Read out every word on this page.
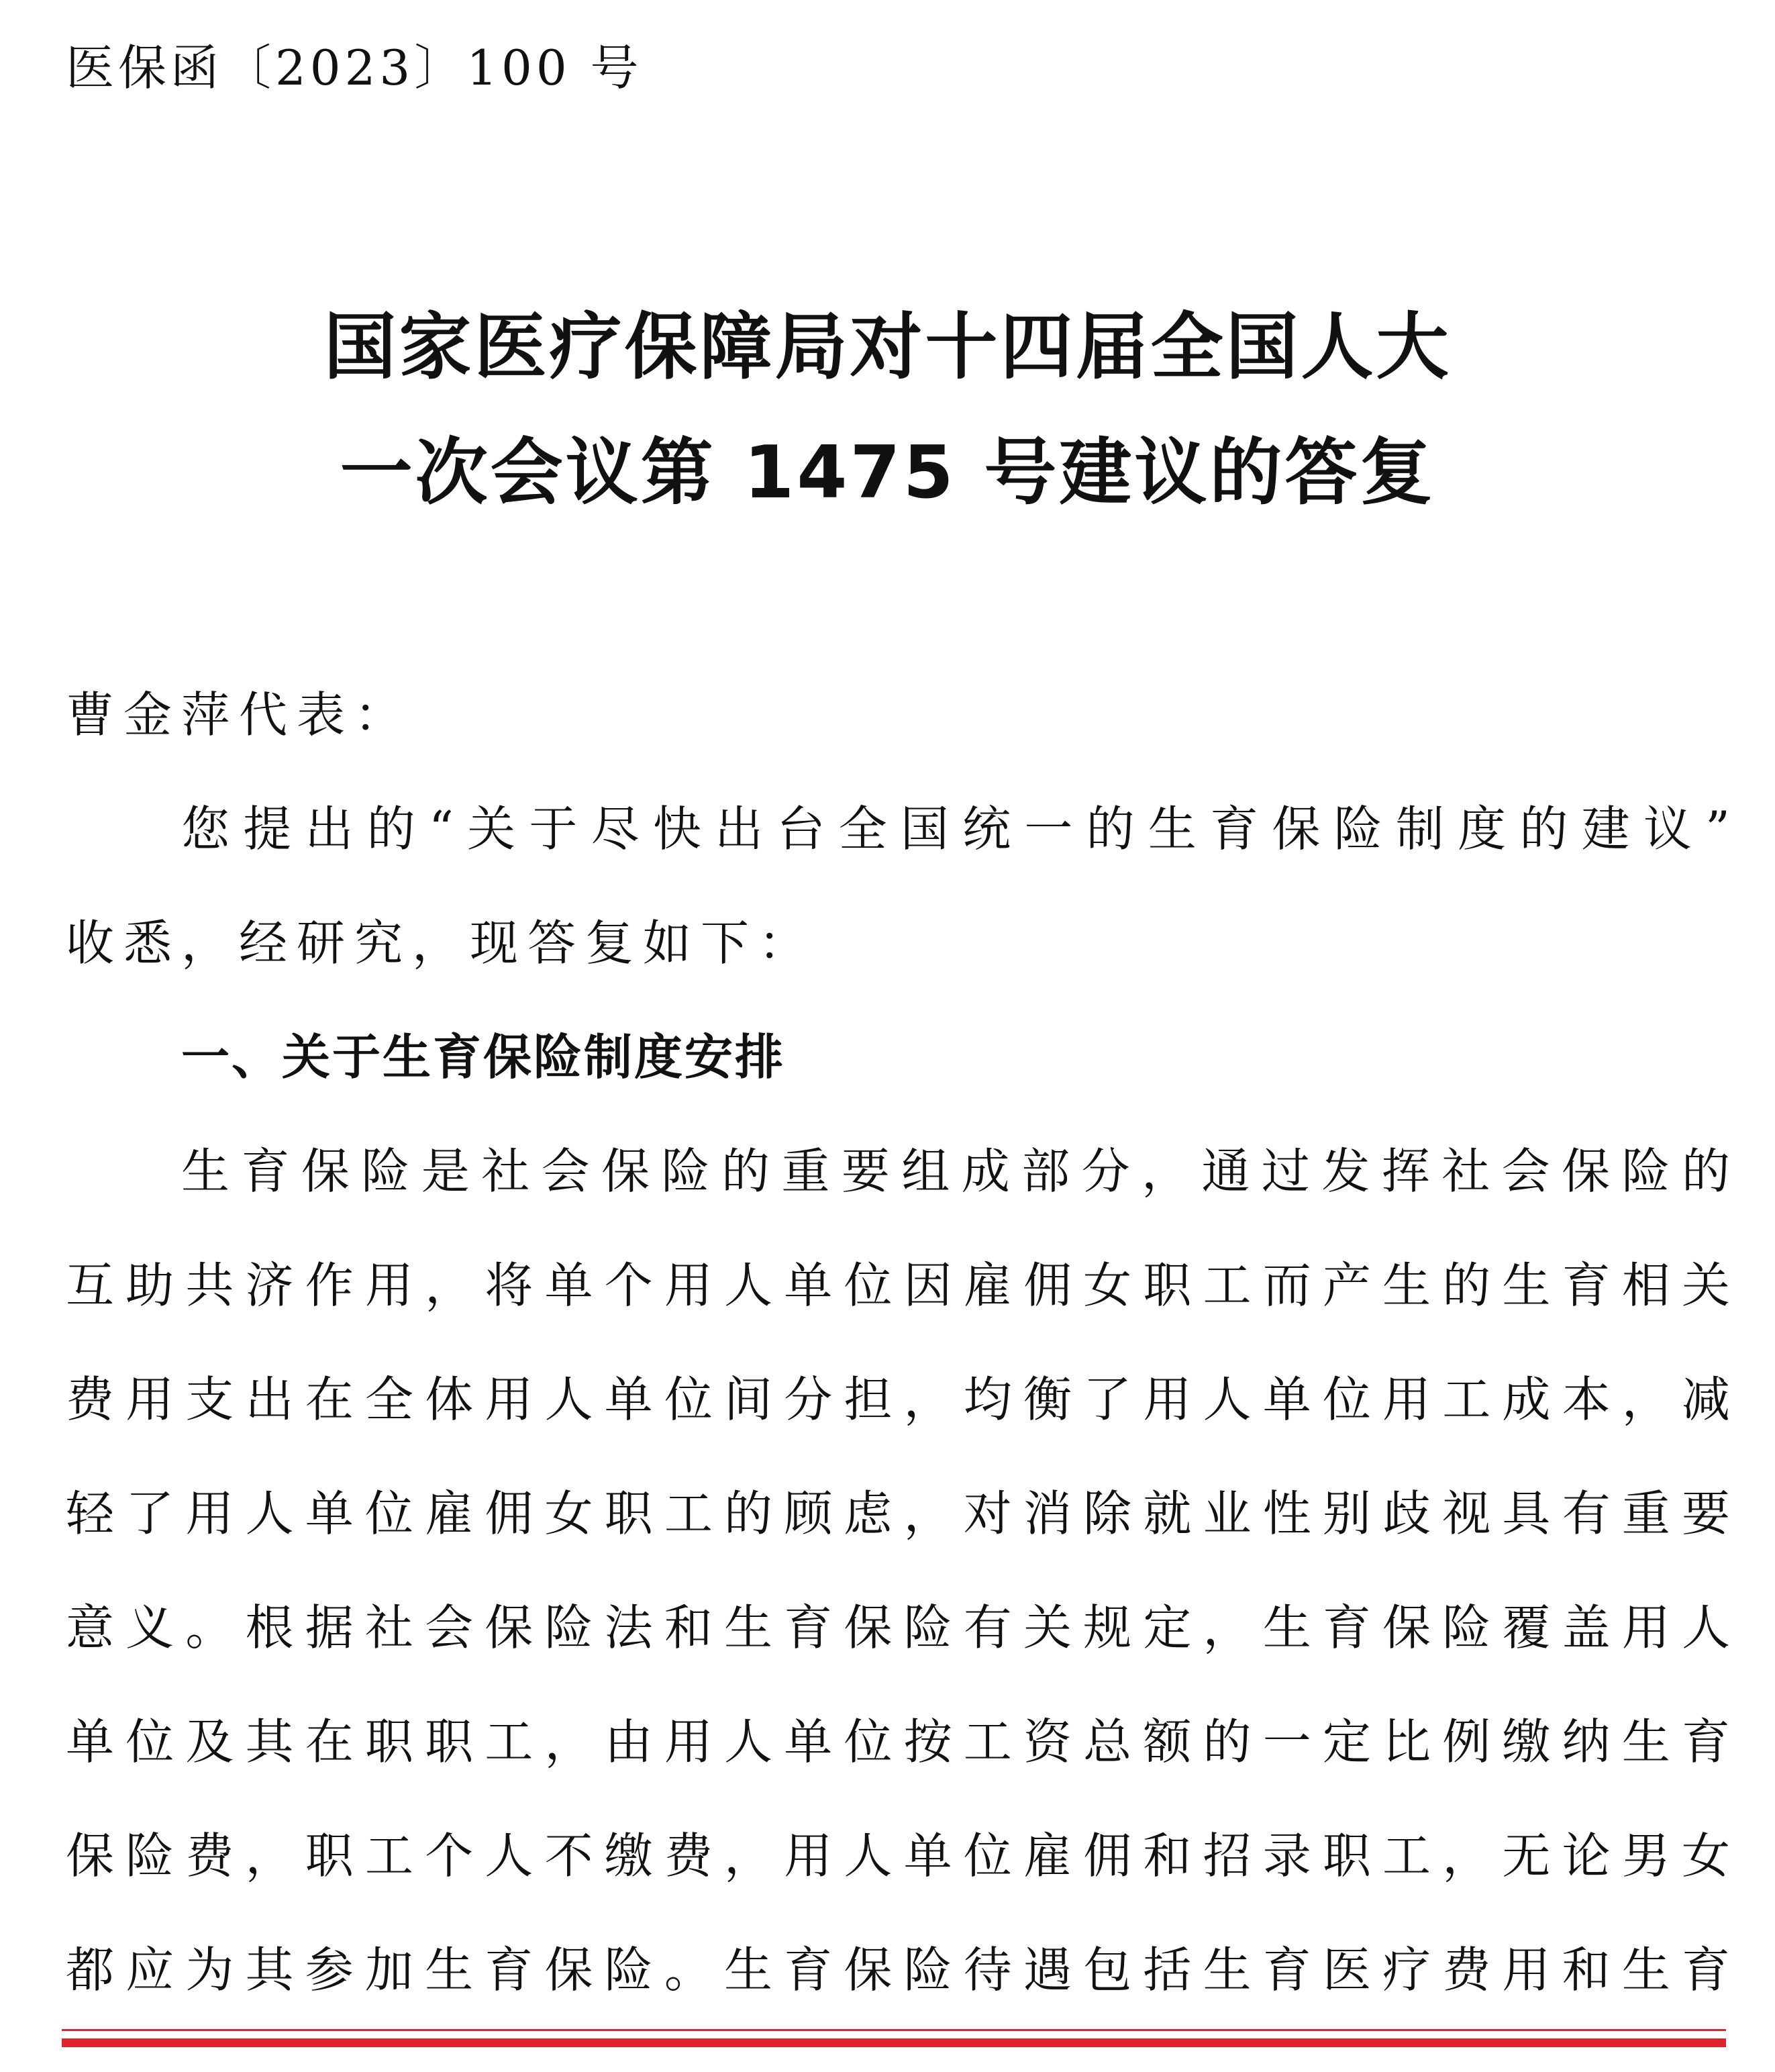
医保函〔2023〕100 号
国家医疗保障局对十四届全国人大
一次会议第 1475 号建议的答复
曹金萍代表：
您提出的“关于尽快出台全国统一的生育保险制度的建议”
收悉，经研究，现答复如下：
一、关于生育保险制度安排
生育保险是社会保险的重要组成部分，通过发挥社会保险的
互助共济作用，将单个用人单位因雇佣女职工而产生的生育相关
费用支出在全体用人单位间分担，均衡了用人单位用工成本，减
轻了用人单位雇佣女职工的顾虑，对消除就业性别歧视具有重要
意义。根据社会保险法和生育保险有关规定，生育保险覆盖用人
单位及其在职职工，由用人单位按工资总额的一定比例缴纳生育
保险费，职工个人不缴费，用人单位雇佣和招录职工，无论男女
都应为其参加生育保险。生育保险待遇包括生育医疗费用和生育
